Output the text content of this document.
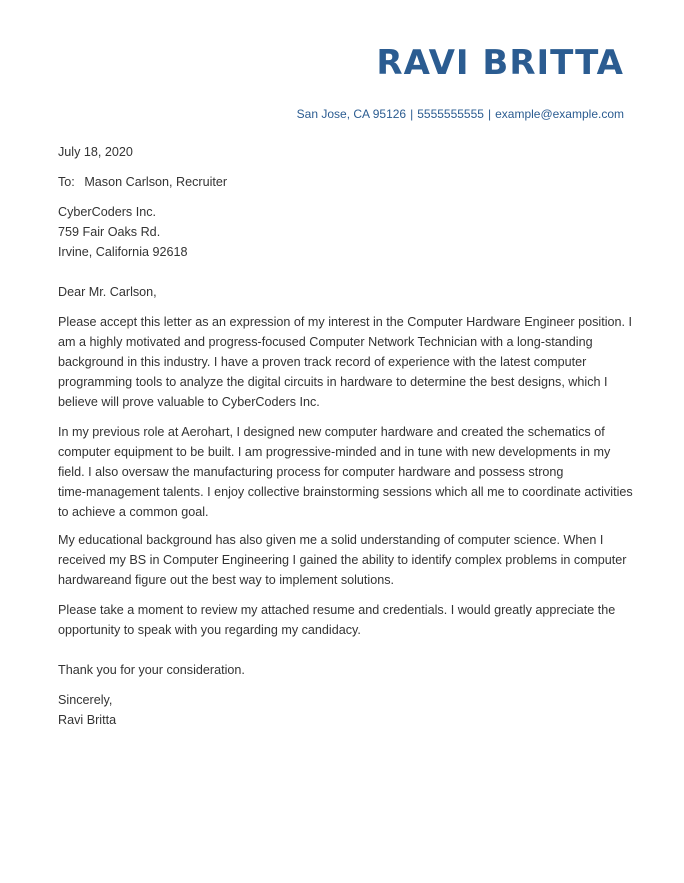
RAVI BRITTA
San Jose, CA 95126 | 5555555555 | example@example.com

July 18, 2020

To: Mason Carlson, Recruiter

CyberCoders Inc.

759 Fair Oaks Rd.

Irvine, California 92618

Dear Mr. Carlson,

Please accept this letter as an expression of my interest in the Computer Hardware Engineer position. I

am a highly motivated and progress-focused Computer Network Technician with a long-standing

background in this industry. I have a proven track record of experience with the latest computer

programming tools to analyze the digital circuits in hardware to determine the best designs, which I

believe will prove valuable to CyberCoders Inc.

In my previous role at Aerohart, I designed new computer hardware and created the schematics of

computer equipment to be built. I am progressive-minded and in tune with new developments in my

field. I also oversaw the manufacturing process for computer hardware and possess strong

time-management talents. I enjoy collective brainstorming sessions which all me to coordinate activities

to achieve a common goal.

My educational background has also given me a solid understanding of computer science. When I

received my BS in Computer Engineering I gained the ability to identify complex problems in computer

hardwareand figure out the best way to implement solutions.

Please take a moment to review my attached resume and credentials. I would greatly appreciate the

opportunity to speak with you regarding my candidacy.

Thank you for your consideration.

Sincerely,

Ravi Britta
